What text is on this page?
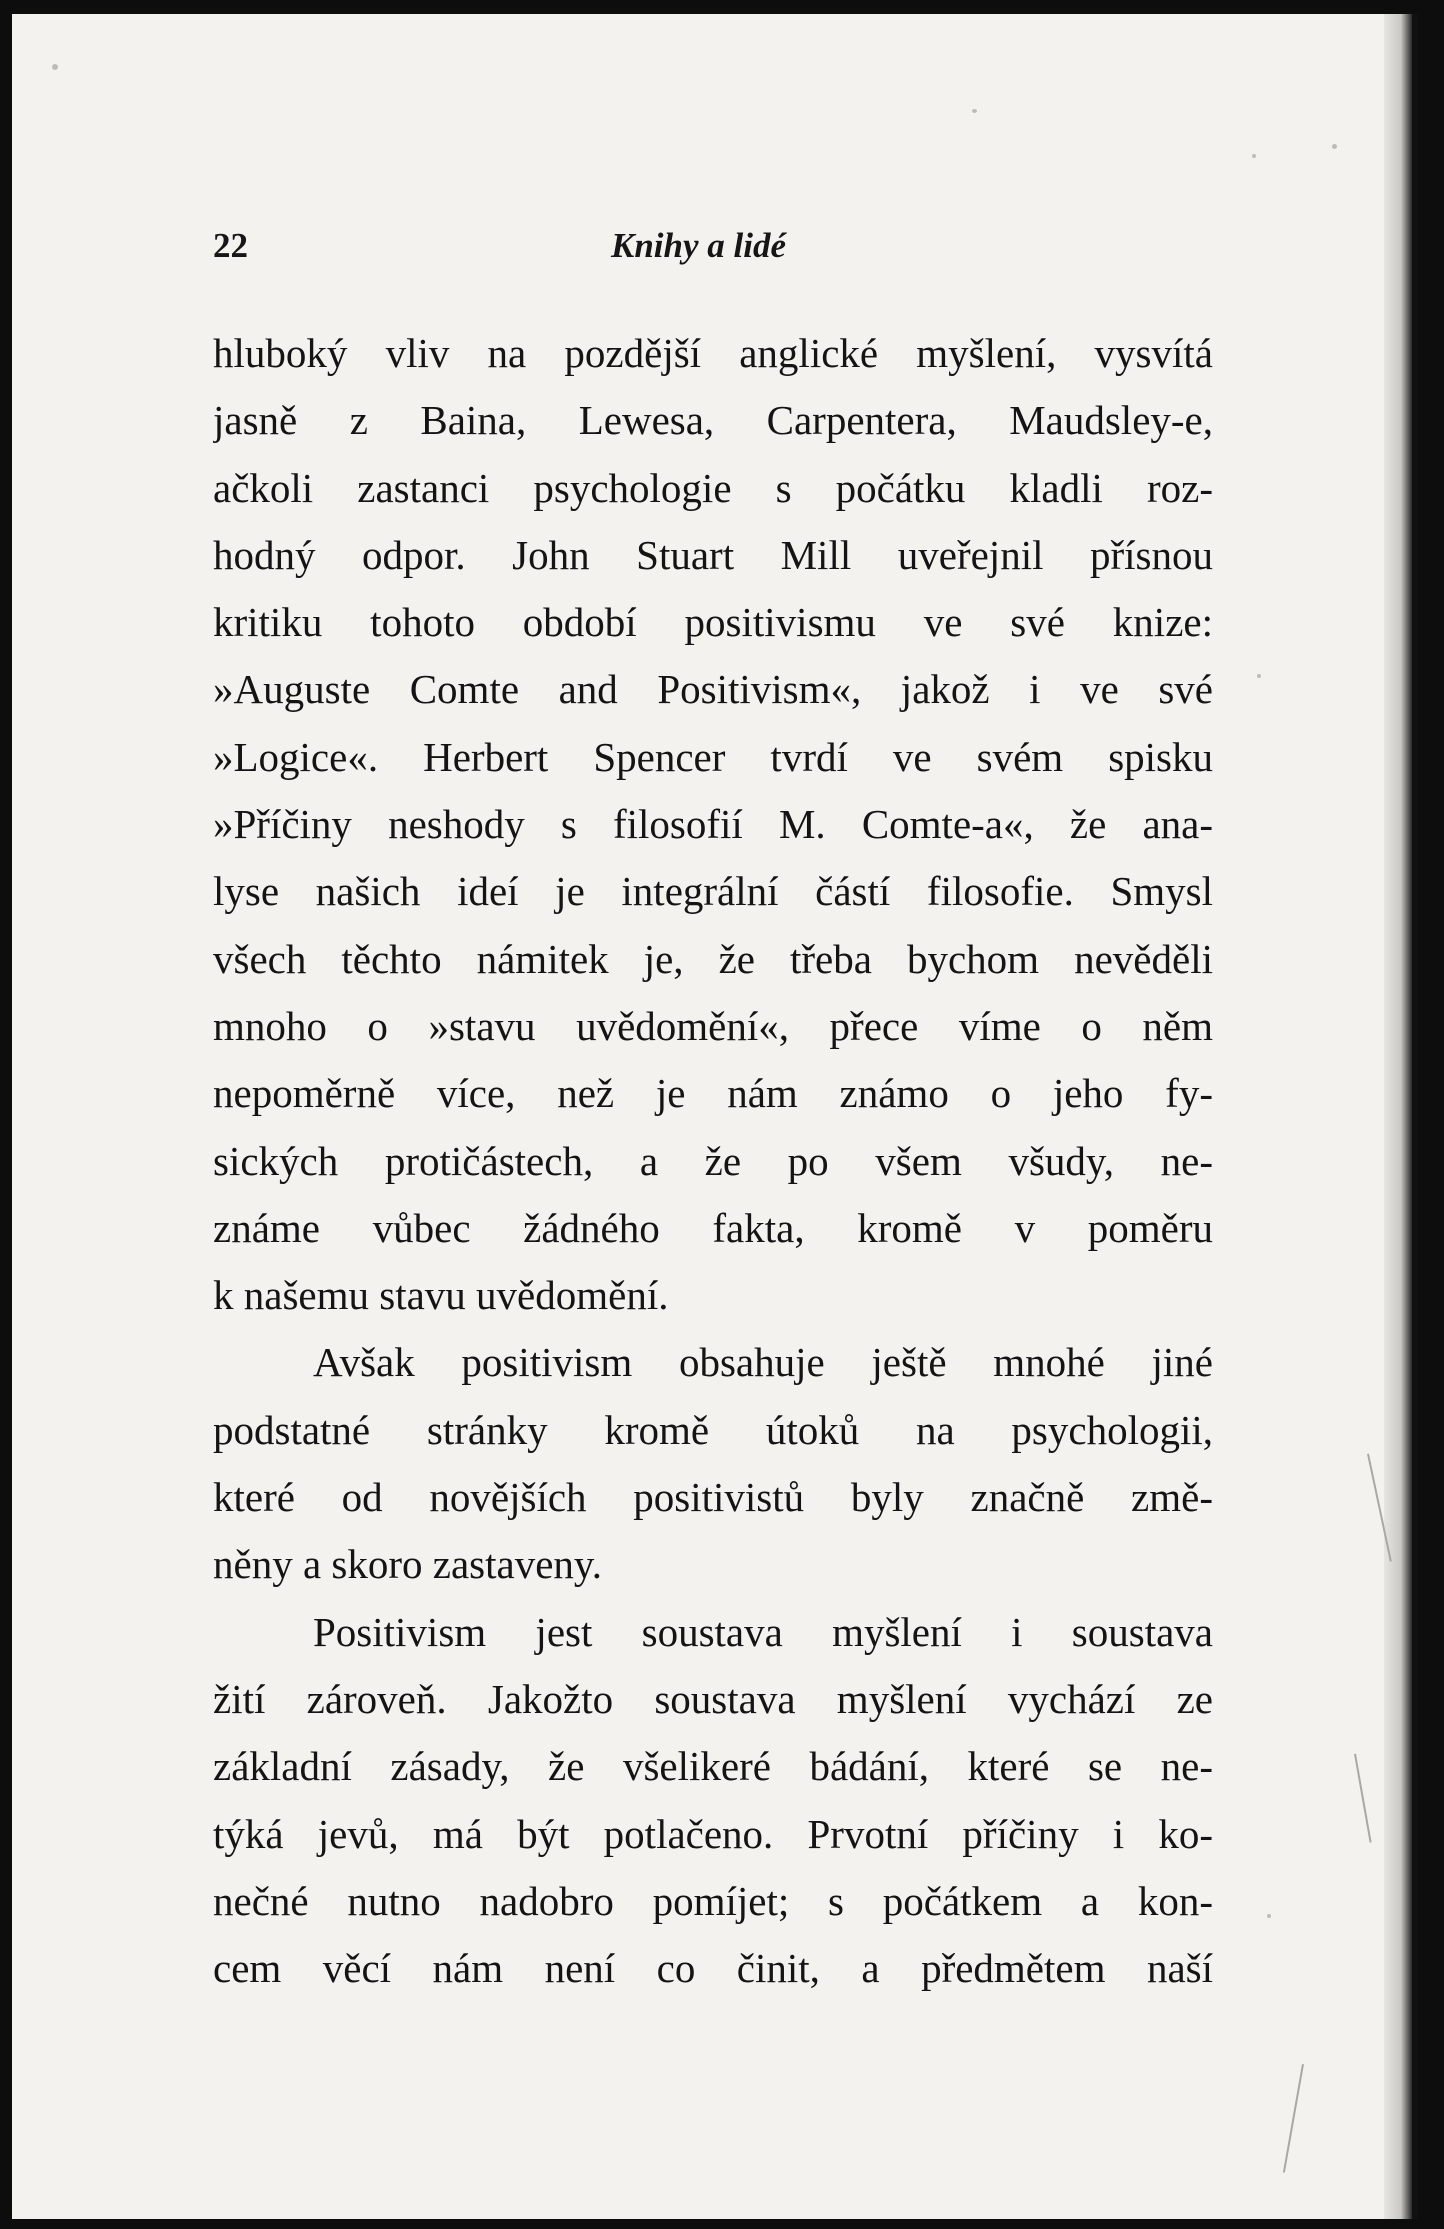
22	Knihy a lidé
hluboký vliv na pozdější anglické myšlení, vysvítá
jasně z Baina, Lewesa, Carpentera, Maudsley-e,
ačkoli zastanci psychologie s počátku kladli roz-
hodný odpor. John Stuart Mill uveřejnil přísnou
kritiku tohoto období positivismu ve své knize:
»Auguste Comte and Positivism«, jakož i ve své
»Logice«. Herbert Spencer tvrdí ve svém spisku
»Příčiny neshody s filosofií M. Comte-a«, že ana-
lyse našich ideí je integrální částí filosofie. Smysl
všech těchto námitek je, že třeba bychom nevěděli
mnoho o »stavu uvědomění«, přece víme o něm
nepoměrně více, než je nám známo o jeho fy-
sických protičástech, a že po všem všudy, ne-
známe vůbec žádného fakta, kromě v poměru
k našemu stavu uvědomění.
Avšak positivism obsahuje ještě mnohé jiné
podstatné stránky kromě útoků na psychologii,
které od novějších positivistů byly značně změ-
něny a skoro zastaveny.
Positivism jest soustava myšlení i soustava
žití zároveň. Jakožto soustava myšlení vychází ze
základní zásady, že všelikeré bádání, které se ne-
týká jevů, má být potlačeno. Prvotní příčiny i ko-
nečné nutno nadobro pomíjet; s počátkem a kon-
cem věcí nám není co činit, a předmětem naší
